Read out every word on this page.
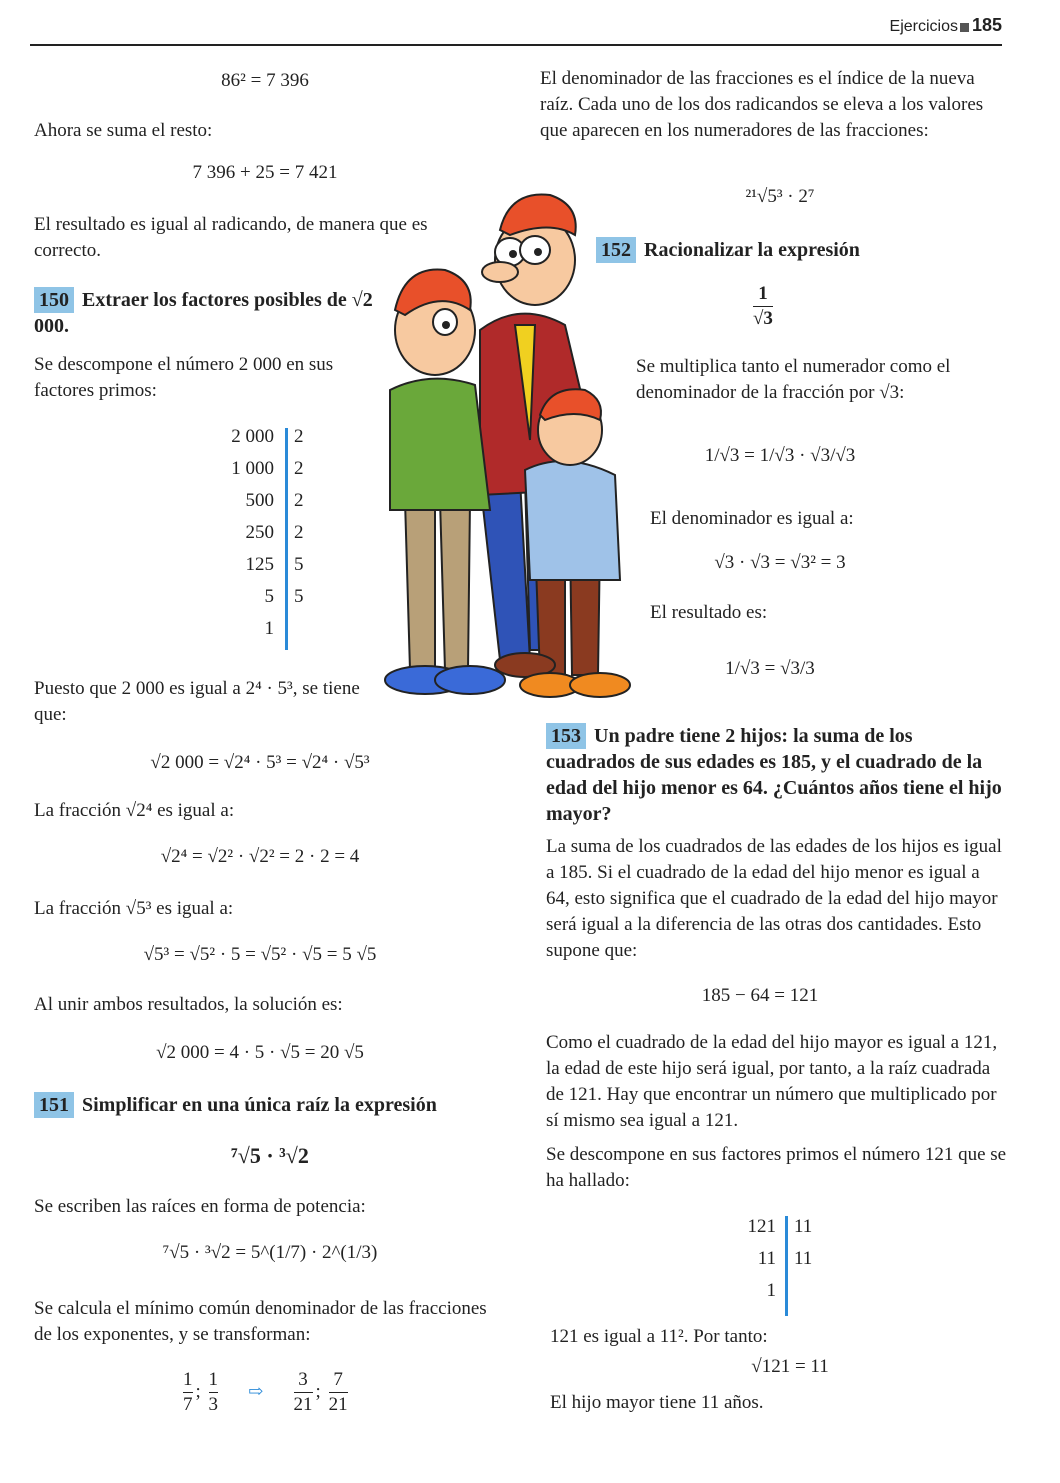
Ejercicios 185
86² = 7 396
Ahora se suma el resto:
7 396 + 25 = 7 421
El resultado es igual al radicando, de manera que es correcto.
150 Extraer los factores posibles de √2 000.
Se descompone el número 2 000 en sus factores primos:
2 000
1 000
500
250
125
5
1
2
2
2
2
5
5
Puesto que 2 000 es igual a 2⁴ · 5³, se tiene que:
√2 000 = √2⁴ · 5³ = √2⁴ · √5³
La fracción √2⁴ es igual a:
√2⁴ = √2² · √2² = 2 · 2 = 4
La fracción √5³ es igual a:
√5³ = √5² · 5 = √5² · √5 = 5 √5
Al unir ambos resultados, la solución es:
√2 000 = 4 · 5 · √5 = 20 √5
151 Simplificar en una única raíz la expresión
⁷√5 · ³√2
Se escriben las raíces en forma de potencia:
⁷√5 · ³√2 = 5^(1/7) · 2^(1/3)
Se calcula el mínimo común denominador de las fracciones de los exponentes, y se transforman:
$\frac{1}{7}$ ; $\frac{1}{3}$ ⇨ $\frac{3}{21}$ ; $\frac{7}{21}$
El denominador de las fracciones es el índice de la nueva raíz. Cada uno de los dos radicandos se eleva a los valores que aparecen en los numeradores de las fracciones:
²¹√5³ · 2⁷
152 Racionalizar la expresión
$\frac{1}{√3}$
Se multiplica tanto el numerador como el denominador de la fracción por √3:
1/√3 = 1/√3 · √3/√3
El denominador es igual a:
√3 · √3 = √3² = 3
El resultado es:
1/√3 = √3/3
153 Un padre tiene 2 hijos: la suma de los cuadrados de sus edades es 185, y el cuadrado de la edad del hijo menor es 64. ¿Cuántos años tiene el hijo mayor?
La suma de los cuadrados de las edades de los hijos es igual a 185. Si el cuadrado de la edad del hijo menor es igual a 64, esto significa que el cuadrado de la edad del hijo mayor será igual a la diferencia de las otras dos cantidades. Esto supone que:
185 − 64 = 121
Como el cuadrado de la edad del hijo mayor es igual a 121, la edad de este hijo será igual, por tanto, a la raíz cuadrada de 121. Hay que encontrar un número que multiplicado por sí mismo sea igual a 121.
Se descompone en sus factores primos el número 121 que se ha hallado:
121
11
1
11
11
121 es igual a 11². Por tanto:
√121 = 11
El hijo mayor tiene 11 años.
